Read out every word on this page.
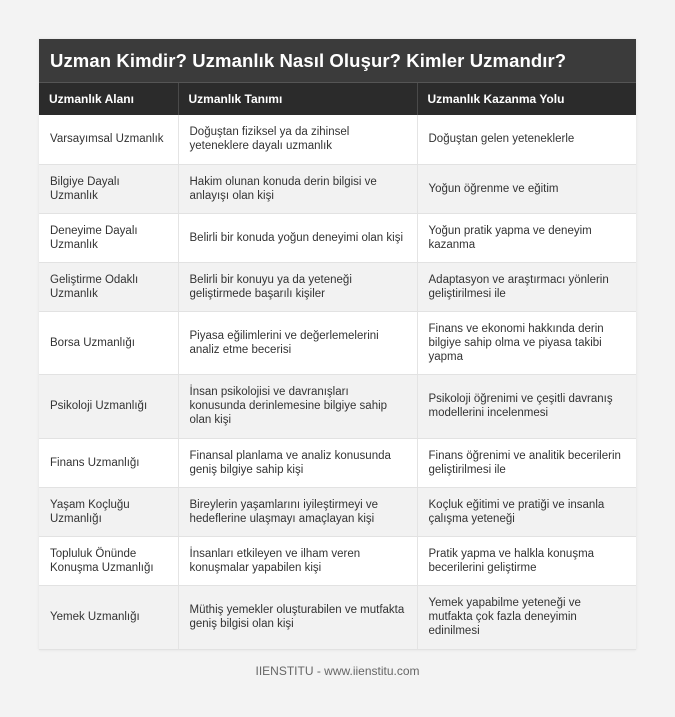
Uzman Kimdir? Uzmanlık Nasıl Oluşur? Kimler Uzmandır?
Uzmanlık Alanı	Uzmanlık Tanımı	Uzmanlık Kazanma Yolu
Varsayımsal Uzmanlık	Doğuştan fiziksel ya da zihinsel yeteneklere dayalı uzmanlık	Doğuştan gelen yeteneklerle
Bilgiye Dayalı Uzmanlık	Hakim olunan konuda derin bilgisi ve anlayışı olan kişi	Yoğun öğrenme ve eğitim
Deneyime Dayalı Uzmanlık	Belirli bir konuda yoğun deneyimi olan kişi	Yoğun pratik yapma ve deneyim kazanma
Geliştirme Odaklı Uzmanlık	Belirli bir konuyu ya da yeteneği geliştirmede başarılı kişiler	Adaptasyon ve araştırmacı yönlerin geliştirilmesi ile
Borsa Uzmanlığı	Piyasa eğilimlerini ve değerlemelerini analiz etme becerisi	Finans ve ekonomi hakkında derin bilgiye sahip olma ve piyasa takibi yapma
Psikoloji Uzmanlığı	İnsan psikolojisi ve davranışları konusunda derinlemesine bilgiye sahip olan kişi	Psikoloji öğrenimi ve çeşitli davranış modellerini incelenmesi
Finans Uzmanlığı	Finansal planlama ve analiz konusunda geniş bilgiye sahip kişi	Finans öğrenimi ve analitik becerilerin geliştirilmesi ile
Yaşam Koçluğu Uzmanlığı	Bireylerin yaşamlarını iyileştirmeyi ve hedeflerine ulaşmayı amaçlayan kişi	Koçluk eğitimi ve pratiği ve insanla çalışma yeteneği
Topluluk Önünde Konuşma Uzmanlığı	İnsanları etkileyen ve ilham veren konuşmalar yapabilen kişi	Pratik yapma ve halkla konuşma becerilerini geliştirme
Yemek Uzmanlığı	Müthiş yemekler oluşturabilen ve mutfakta geniş bilgisi olan kişi	Yemek yapabilme yeteneği ve mutfakta çok fazla deneyimin edinilmesi
IIENSTITU - www.iienstitu.com
